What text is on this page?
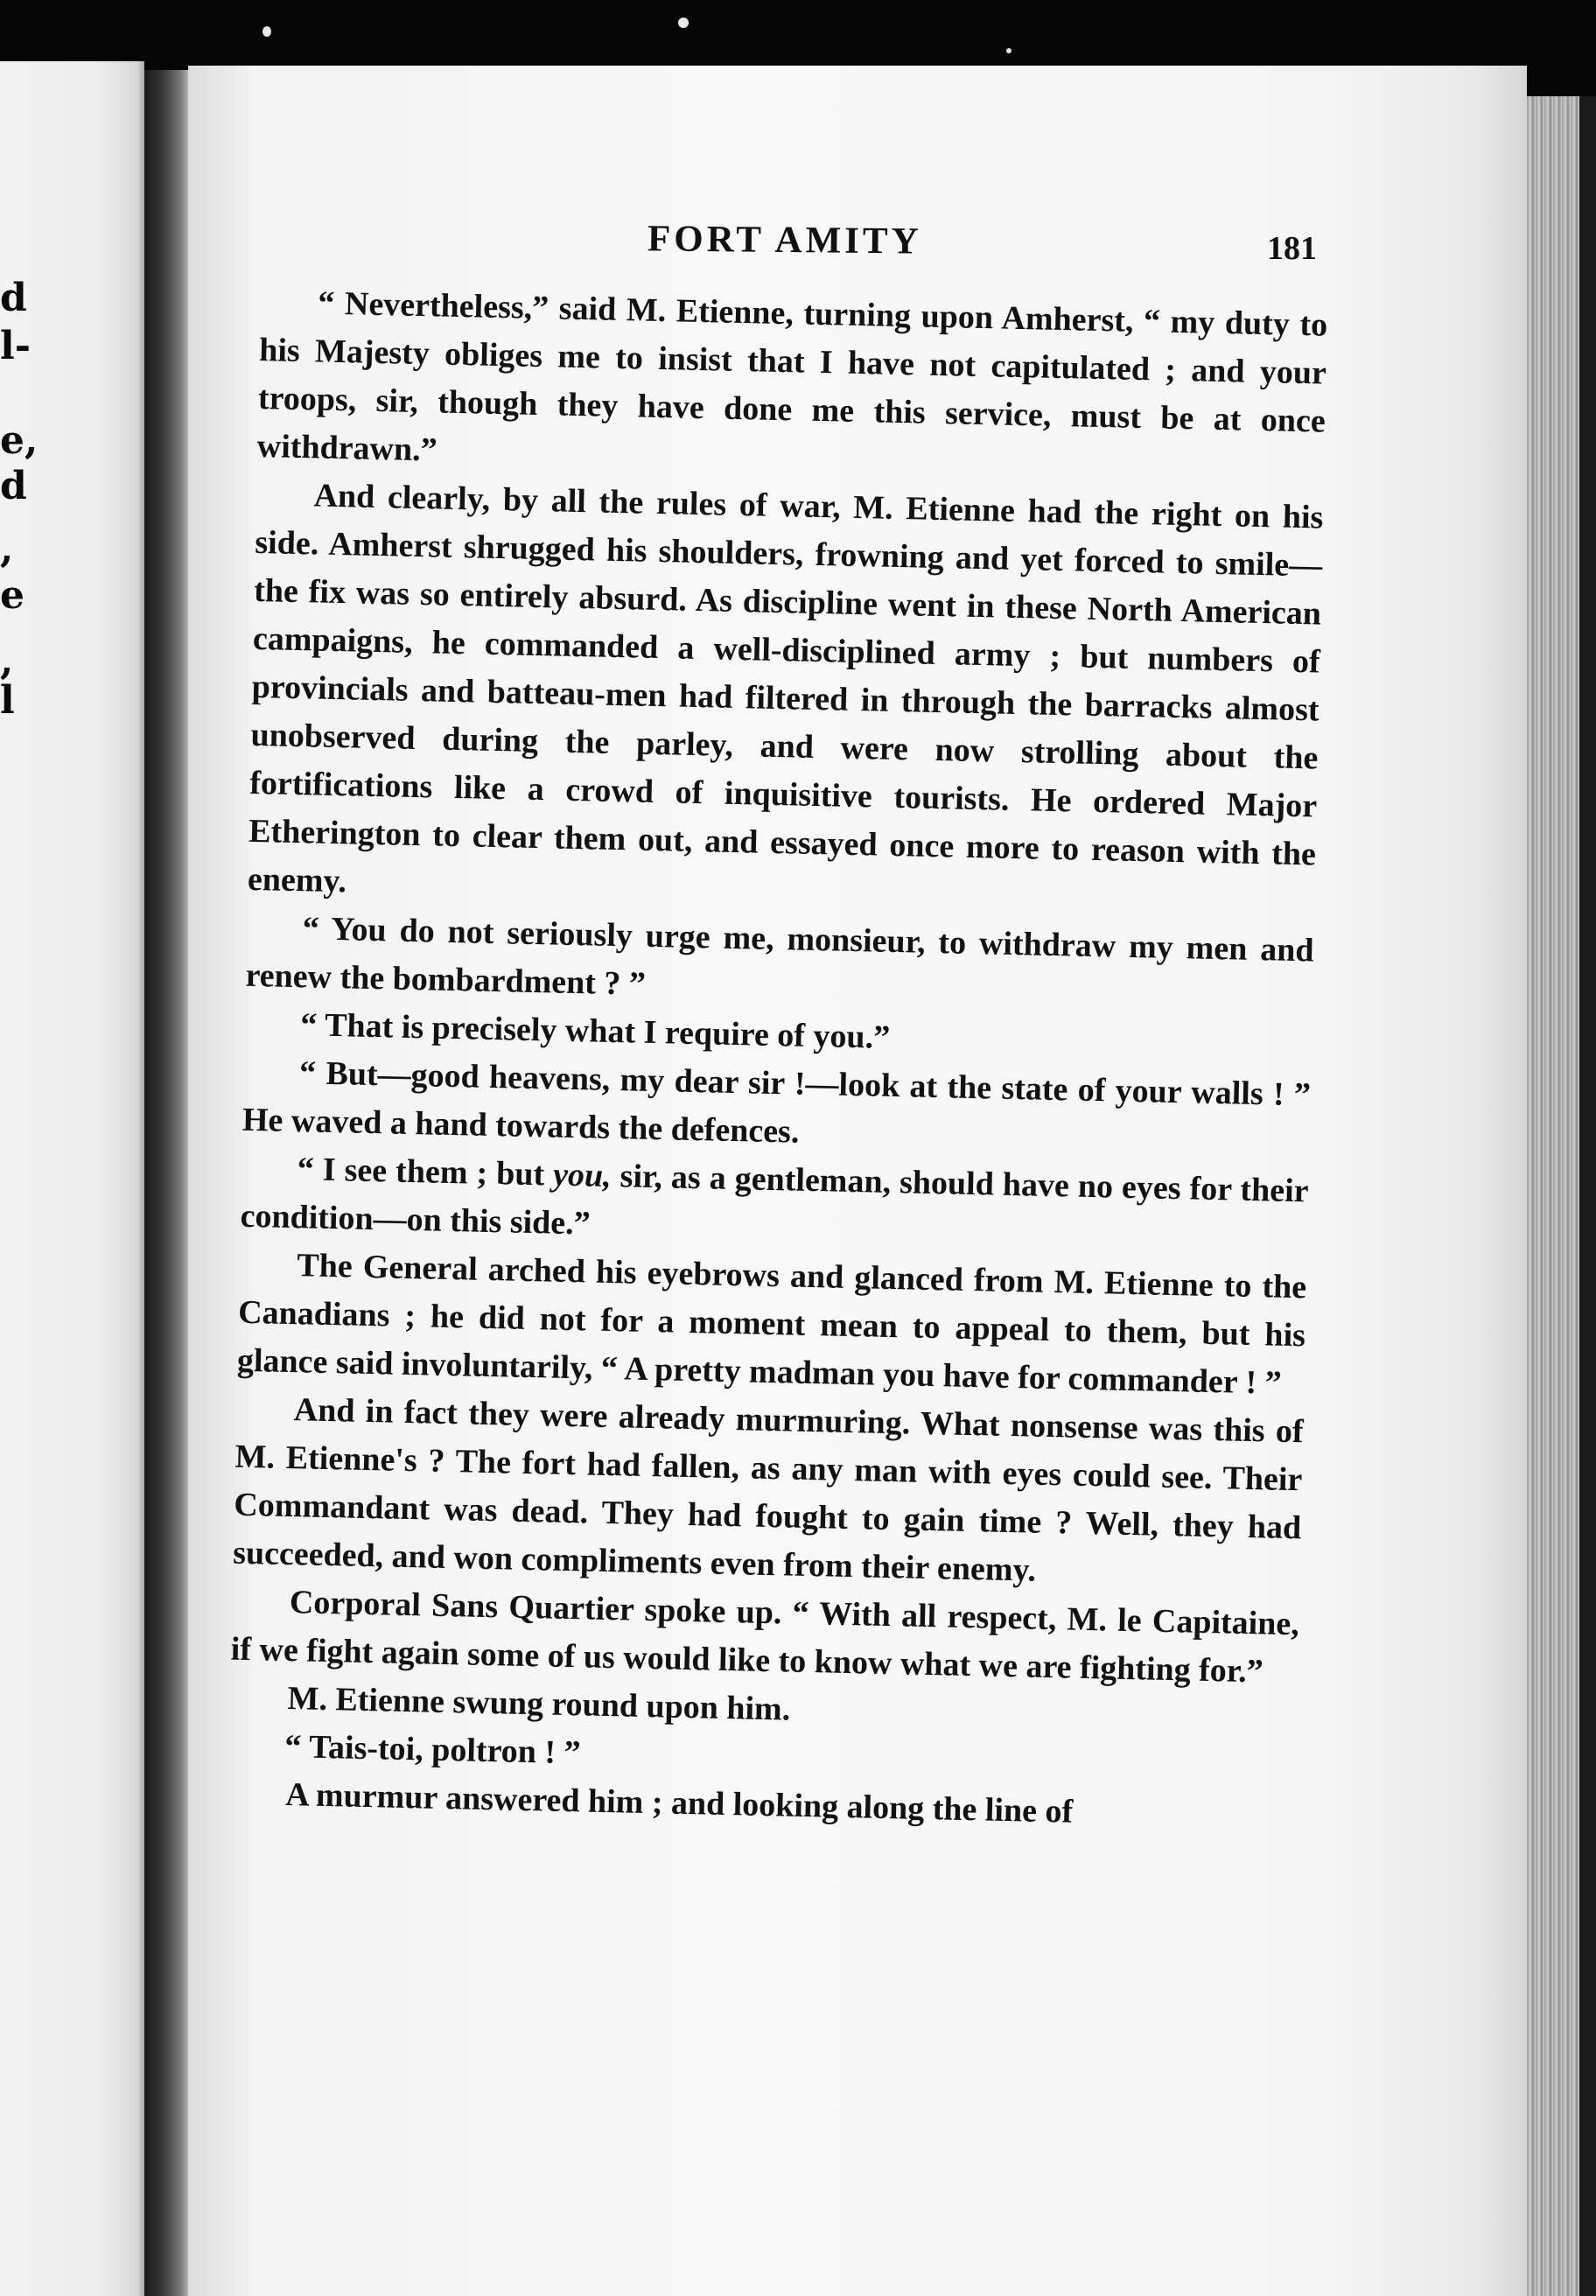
d
l-
e,
d
,
e
,
l
FORT AMITY	181

“ Nevertheless,” said M. Etienne, turning upon Amherst, “ my duty to his Majesty obliges me to insist that I have not capitulated ; and your troops, sir, though they have done me this service, must be at once withdrawn.”

And clearly, by all the rules of war, M. Etienne had the right on his side. Amherst shrugged his shoulders, frowning and yet forced to smile—the fix was so entirely absurd. As discipline went in these North American campaigns, he commanded a well-disciplined army ; but numbers of provincials and batteau-men had filtered in through the barracks almost unobserved during the parley, and were now strolling about the fortifications like a crowd of inquisitive tourists. He ordered Major Etherington to clear them out, and essayed once more to reason with the enemy.

“ You do not seriously urge me, monsieur, to withdraw my men and renew the bombardment ? ”

“ That is precisely what I require of you.”

“ But—good heavens, my dear sir !—look at the state of your walls ! ” He waved a hand towards the defences.

“ I see them ; but you, sir, as a gentleman, should have no eyes for their condition—on this side.”

The General arched his eyebrows and glanced from M. Etienne to the Canadians ; he did not for a moment mean to appeal to them, but his glance said involuntarily, “ A pretty madman you have for commander ! ”

And in fact they were already murmuring. What nonsense was this of M. Etienne's ? The fort had fallen, as any man with eyes could see. Their Commandant was dead. They had fought to gain time ? Well, they had succeeded, and won compliments even from their enemy.

Corporal Sans Quartier spoke up. “ With all respect, M. le Capitaine, if we fight again some of us would like to know what we are fighting for.”

M. Etienne swung round upon him.

“ Tais-toi, poltron ! ”

A murmur answered him ; and looking along the line of
